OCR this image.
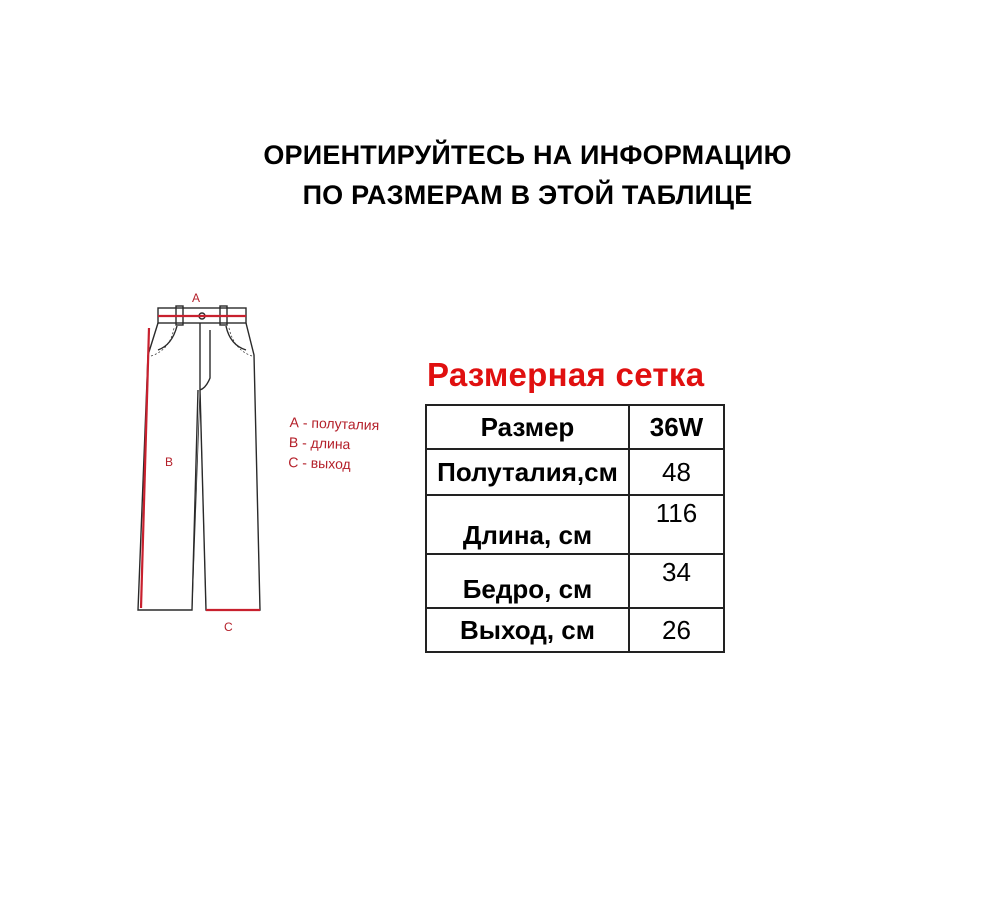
ОРИЕНТИРУЙТЕСЬ НА ИНФОРМАЦИЮ
ПО РАЗМЕРАМ В ЭТОЙ ТАБЛИЦЕ
A
B
C
А - полуталия
В - длина
С - выход
Размерная сетка
Размер	36W
Полуталия,см	48
Длина, см	116
Бедро, см	34
Выход, см	26
